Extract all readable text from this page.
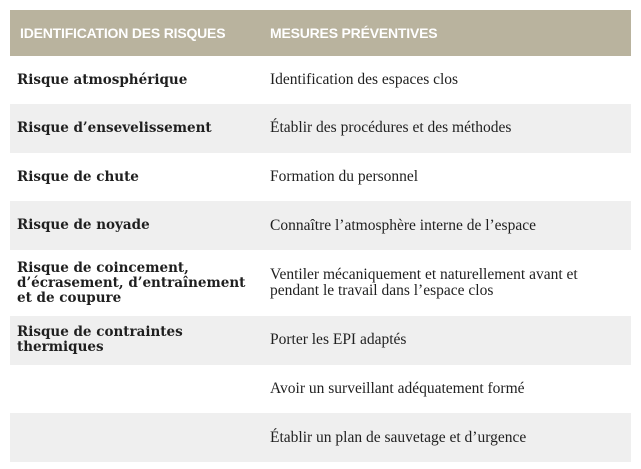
IDENTIFICATION DES RISQUES	MESURES PRÉVENTIVES
Risque atmosphérique	Identification des espaces clos
Risque d’ensevelissement	Établir des procédures et des méthodes
Risque de chute	Formation du personnel
Risque de noyade	Connaître l’atmosphère interne de l’espace
Risque de coincement, d’écrasement, d’entraînement et de coupure	Ventiler mécaniquement et naturellement avant et pendant le travail dans l’espace clos
Risque de contraintes thermiques	Porter les EPI adaptés
	Avoir un surveillant adéquatement formé
	Établir un plan de sauvetage et d’urgence
